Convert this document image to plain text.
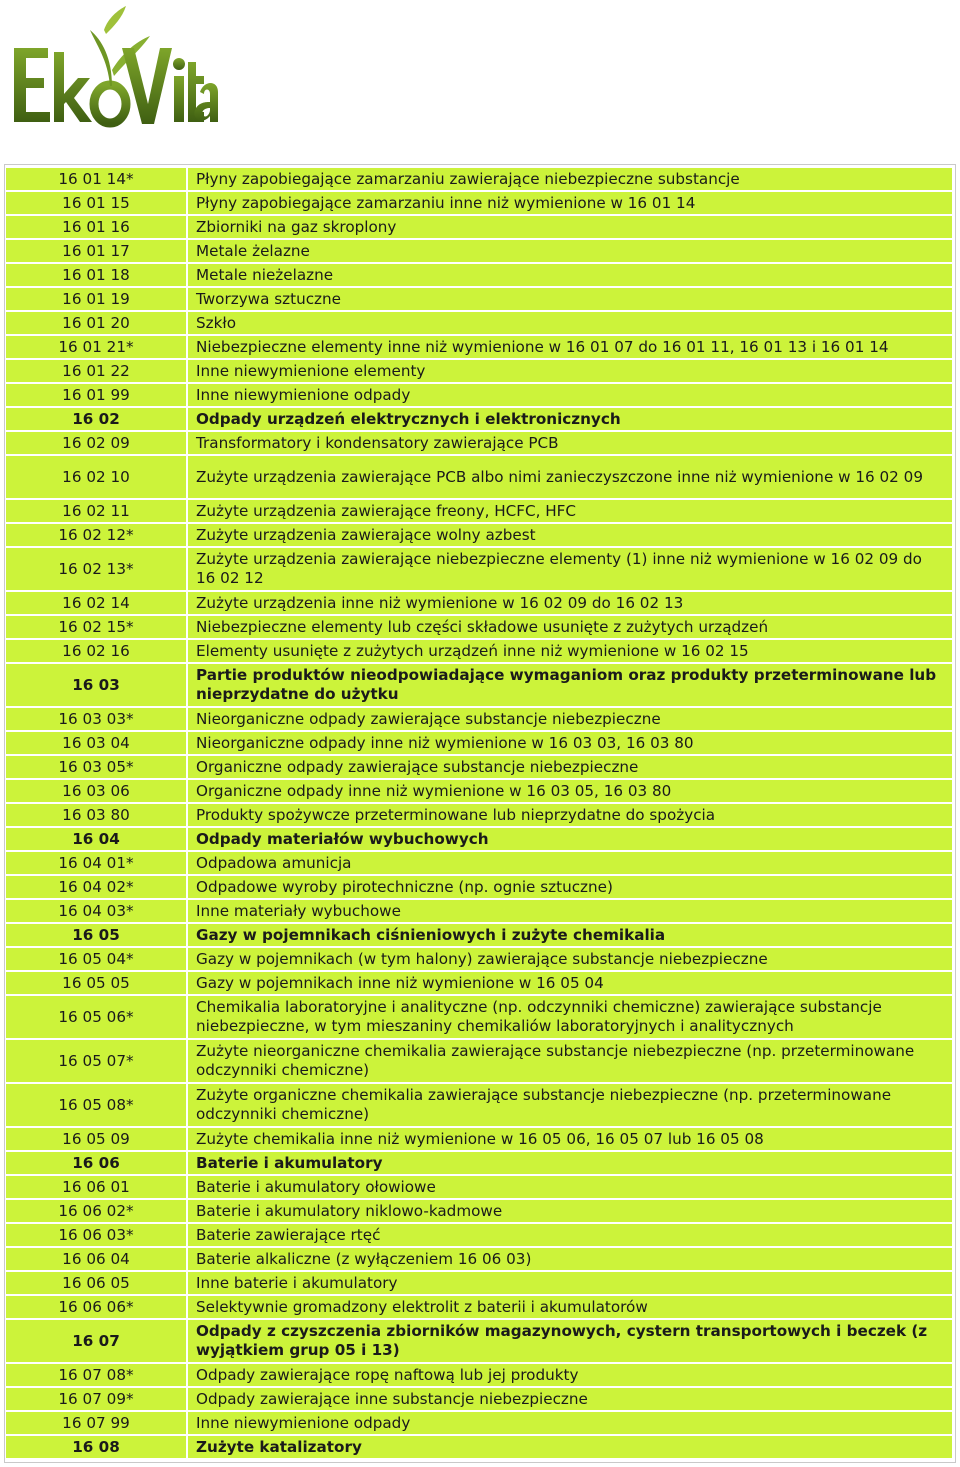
16 01 14*	Płyny zapobiegające zamarzaniu zawierające niebezpieczne substancje
16 01 15	Płyny zapobiegające zamarzaniu inne niż wymienione w 16 01 14
16 01 16	Zbiorniki na gaz skroplony
16 01 17	Metale żelazne
16 01 18	Metale nieżelazne
16 01 19	Tworzywa sztuczne
16 01 20	Szkło
16 01 21*	Niebezpieczne elementy inne niż wymienione w 16 01 07 do 16 01 11, 16 01 13 i 16 01 14
16 01 22	Inne niewymienione elementy
16 01 99	Inne niewymienione odpady
16 02	Odpady urządzeń elektrycznych i elektronicznych
16 02 09	Transformatory i kondensatory zawierające PCB
16 02 10	Zużyte urządzenia zawierające PCB albo nimi zanieczyszczone inne niż wymienione w 16 02 09
16 02 11	Zużyte urządzenia zawierające freony, HCFC, HFC
16 02 12*	Zużyte urządzenia zawierające wolny azbest
16 02 13*	Zużyte urządzenia zawierające niebezpieczne elementy (1) inne niż wymienione w 16 02 09 do 16 02 12
16 02 14	Zużyte urządzenia inne niż wymienione w 16 02 09 do 16 02 13
16 02 15*	Niebezpieczne elementy lub części składowe usunięte z zużytych urządzeń
16 02 16	Elementy usunięte z zużytych urządzeń inne niż wymienione w 16 02 15
16 03	Partie produktów nieodpowiadające wymaganiom oraz produkty przeterminowane lub nieprzydatne do użytku
16 03 03*	Nieorganiczne odpady zawierające substancje niebezpieczne
16 03 04	Nieorganiczne odpady inne niż wymienione w 16 03 03, 16 03 80
16 03 05*	Organiczne odpady zawierające substancje niebezpieczne
16 03 06	Organiczne odpady inne niż wymienione w 16 03 05, 16 03 80
16 03 80	Produkty spożywcze przeterminowane lub nieprzydatne do spożycia
16 04	Odpady materiałów wybuchowych
16 04 01*	Odpadowa amunicja
16 04 02*	Odpadowe wyroby pirotechniczne (np. ognie sztuczne)
16 04 03*	Inne materiały wybuchowe
16 05	Gazy w pojemnikach ciśnieniowych i zużyte chemikalia
16 05 04*	Gazy w pojemnikach (w tym halony) zawierające substancje niebezpieczne
16 05 05	Gazy w pojemnikach inne niż wymienione w 16 05 04
16 05 06*	Chemikalia laboratoryjne i analityczne (np. odczynniki chemiczne) zawierające substancje niebezpieczne, w tym mieszaniny chemikaliów laboratoryjnych i analitycznych
16 05 07*	Zużyte nieorganiczne chemikalia zawierające substancje niebezpieczne (np. przeterminowane odczynniki chemiczne)
16 05 08*	Zużyte organiczne chemikalia zawierające substancje niebezpieczne (np. przeterminowane odczynniki chemiczne)
16 05 09	Zużyte chemikalia inne niż wymienione w 16 05 06, 16 05 07 lub 16 05 08
16 06	Baterie i akumulatory
16 06 01	Baterie i akumulatory ołowiowe
16 06 02*	Baterie i akumulatory niklowo-kadmowe
16 06 03*	Baterie zawierające rtęć
16 06 04	Baterie alkaliczne (z wyłączeniem 16 06 03)
16 06 05	Inne baterie i akumulatory
16 06 06*	Selektywnie gromadzony elektrolit z baterii i akumulatorów
16 07	Odpady z czyszczenia zbiorników magazynowych, cystern transportowych i beczek (z wyjątkiem grup 05 i 13)
16 07 08*	Odpady zawierające ropę naftową lub jej produkty
16 07 09*	Odpady zawierające inne substancje niebezpieczne
16 07 99	Inne niewymienione odpady
16 08	Zużyte katalizatory
